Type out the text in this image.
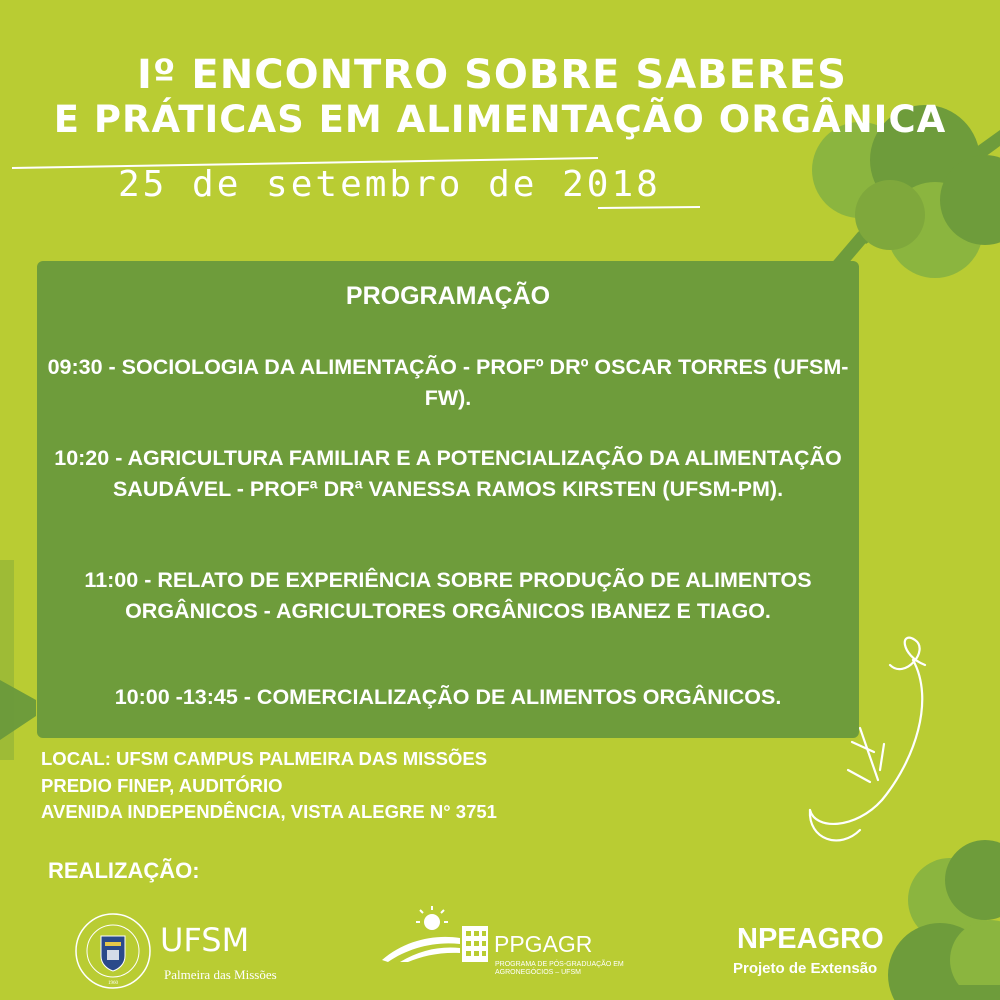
Iº ENCONTRO SOBRE SABERES
E PRÁTICAS EM ALIMENTAÇÃO ORGÂNICA
25 de setembro de 2018
PROGRAMAÇÃO
09:30 - SOCIOLOGIA DA ALIMENTAÇÃO - PROFº DRº OSCAR TORRES (UFSM-FW).
10:20 - AGRICULTURA FAMILIAR E A POTENCIALIZAÇÃO DA ALIMENTAÇÃO SAUDÁVEL - PROFª DRª VANESSA RAMOS KIRSTEN (UFSM-PM).
11:00 - RELATO DE EXPERIÊNCIA SOBRE PRODUÇÃO DE ALIMENTOS ORGÂNICOS - AGRICULTORES ORGÂNICOS IBANEZ E TIAGO.
10:00 -13:45 - COMERCIALIZAÇÃO DE ALIMENTOS ORGÂNICOS.
LOCAL: UFSM CAMPUS PALMEIRA DAS MISSÕES
PREDIO FINEP, AUDITÓRIO
AVENIDA INDEPENDÊNCIA, VISTA ALEGRE N° 3751
REALIZAÇÃO:
1960
UFSM
Palmeira das Missões
PPGAGR
PROGRAMA DE PÓS-GRADUAÇÃO EM AGRONEGÓCIOS – UFSM
NPEAGRO
Projeto de Extensão
